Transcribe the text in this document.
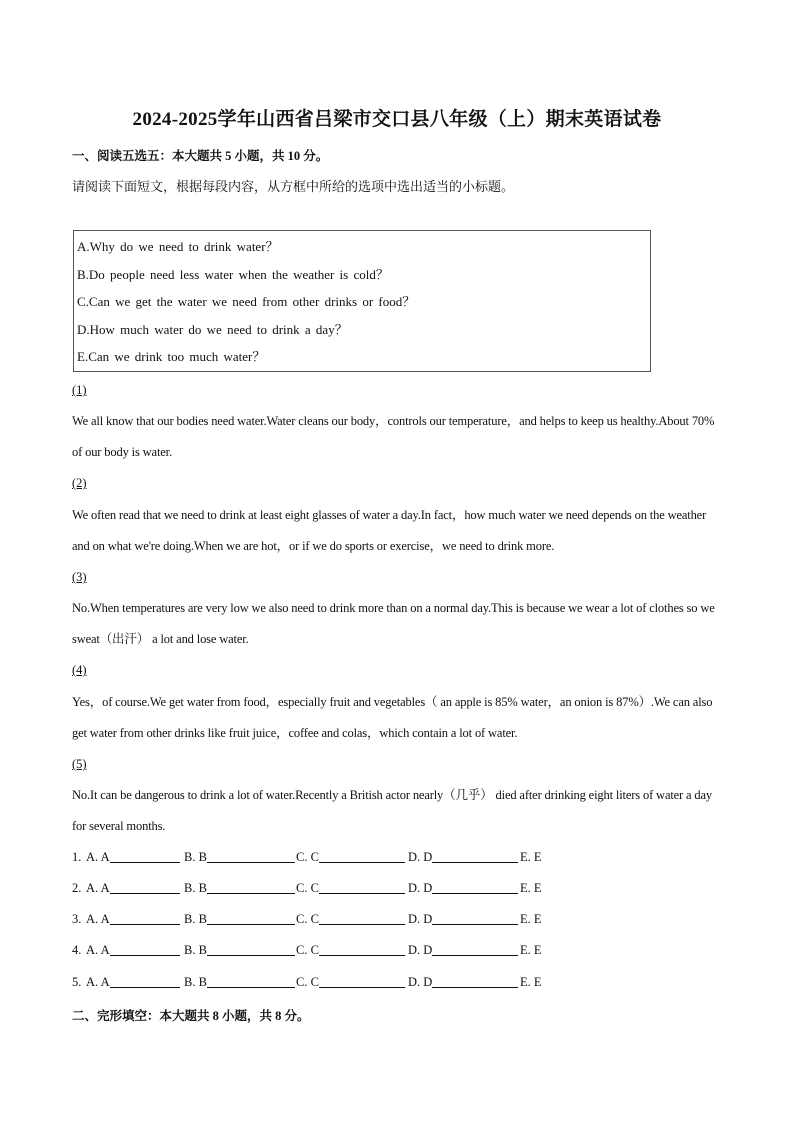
2024-2025学年山西省吕梁市交口县八年级（上）期末英语试卷
一、阅读五选五：本大题共 5 小题，共 10 分。
请阅读下面短文，根据每段内容，从方框中所给的选项中选出适当的小标题。
A.Why do we need to drink water？
B.Do people need less water when the weather is cold？
C.Can we get the water we need from other drinks or food？
D.How much water do we need to drink a day？
E.Can we drink too much water？
(1)
We all know that our bodies need water.Water cleans our body，controls our temperature，and helps to keep us healthy.About 70% of our body is water.
(2)
We often read that we need to drink at least eight glasses of water a day.In fact，how much water we need depends on the weather and on what we're doing.When we are hot，or if we do sports or exercise，we need to drink more.
(3)
No.When temperatures are very low we also need to drink more than on a normal day.This is because we wear a lot of clothes so we sweat（出汗） a lot and lose water.
(4)
Yes，of course.We get water from food，especially fruit and vegetables（ an apple is 85% water，an onion is 87%）.We can also get water from other drinks like fruit juice，coffee and colas，which contain a lot of water.
(5)
No.It can be dangerous to drink a lot of water.Recently a British actor nearly（几乎） died after drinking eight liters of water a day for several months.
1. A. A	B. B	C. C	D. D	E. E
2. A. A	B. B	C. C	D. D	E. E
3. A. A	B. B	C. C	D. D	E. E
4. A. A	B. B	C. C	D. D	E. E
5. A. A	B. B	C. C	D. D	E. E
二、完形填空：本大题共 8 小题，共 8 分。
